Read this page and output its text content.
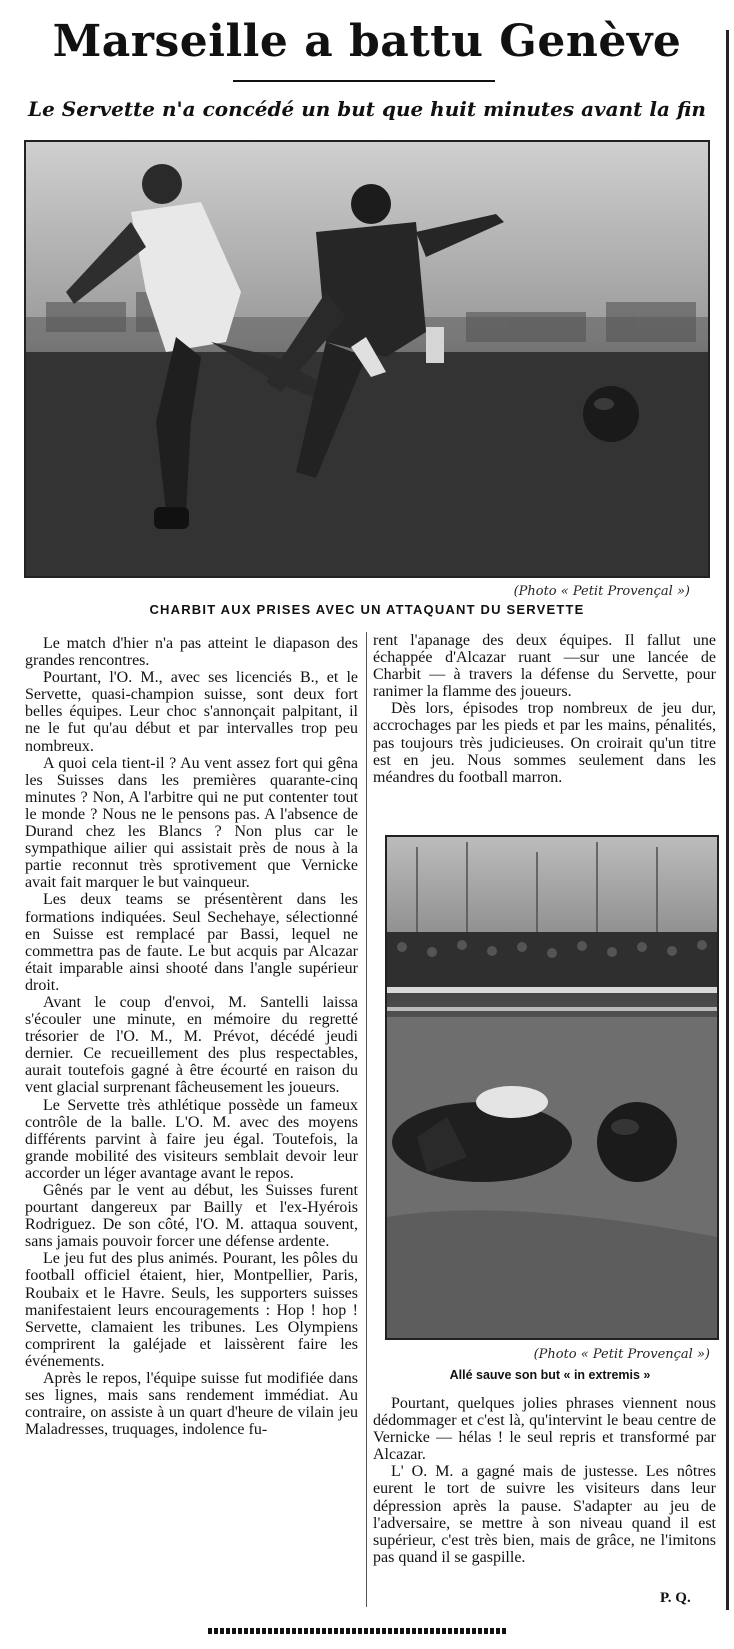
Marseille a battu Genève
Le Servette n'a concédé un but que huit minutes avant la fin
(Photo « Petit Provençal »)
CHARBIT AUX PRISES AVEC UN ATTAQUANT DU SERVETTE

Le match d'hier n'a pas atteint le diapason des grandes rencontres.

Pourtant, l'O. M., avec ses licenciés B., et le Servette, quasi-champion suisse, sont deux fort belles équipes. Leur choc s'annonçait palpitant, il ne le fut qu'au début et par intervalles trop peu nombreux.

A quoi cela tient-il ? Au vent assez fort qui gêna les Suisses dans les premières quarante-cinq minutes ? Non, A l'arbitre qui ne put contenter tout le monde ? Nous ne le pensons pas. A l'absence de Durand chez les Blancs ? Non plus car le sympathique ailier qui assistait près de nous à la partie reconnut très sprotivement que Vernicke avait fait marquer le but vainqueur.

Les deux teams se présentèrent dans les formations indiquées. Seul Sechehaye, sélectionné en Suisse est remplacé par Bassi, lequel ne commettra pas de faute. Le but acquis par Alcazar était imparable ainsi shooté dans l'angle supérieur droit.

Avant le coup d'envoi, M. Santelli laissa s'écouler une minute, en mémoire du regretté trésorier de l'O. M., M. Prévot, décédé jeudi dernier. Ce recueillement des plus respectables, aurait toutefois gagné à être écourté en raison du vent glacial surprenant fâcheusement les joueurs.

Le Servette très athlétique possède un fameux contrôle de la balle. L'O. M. avec des moyens différents parvint à faire jeu égal. Toutefois, la grande mobilité des visiteurs semblait devoir leur accorder un léger avantage avant le repos.

Gênés par le vent au début, les Suisses furent pourtant dangereux par Bailly et l'ex-Hyérois Rodriguez. De son côté, l'O. M. attaqua souvent, sans jamais pouvoir forcer une défense ardente.

Le jeu fut des plus animés. Pourant, les pôles du football officiel étaient, hier, Montpellier, Paris, Roubaix et le Havre. Seuls, les supporters suisses manifestaient leurs encouragements : Hop ! hop ! Servette, clamaient les tribunes. Les Olympiens comprirent la galéjade et laissèrent faire les événements.

Après le repos, l'équipe suisse fut modifiée dans ses lignes, mais sans rendement immédiat. Au contraire, on assiste à un quart d'heure de vilain jeu Maladresses, truquages, indolence fu-

rent l'apanage des deux équipes. Il fallut une échappée d'Alcazar ruant —sur une lancée de Charbit — à travers la défense du Servette, pour ranimer la flamme des joueurs.

Dès lors, épisodes trop nombreux de jeu dur, accrochages par les pieds et par les mains, pénalités, pas toujours très judicieuses. On croirait qu'un titre est en jeu. Nous sommes seulement dans les méandres du football marron.

(Photo « Petit Provençal »)
Allé sauve son but « in extremis »

Pourtant, quelques jolies phrases viennent nous dédommager et c'est là, qu'intervint le beau centre de Vernicke — hélas ! le seul repris et transformé par Alcazar.

L' O. M. a gagné mais de justesse. Les nôtres eurent le tort de suivre les visiteurs dans leur dépression après la pause. S'adapter au jeu de l'adversaire, se mettre à son niveau quand il est supérieur, c'est très bien, mais de grâce, ne l'imitons pas quand il se gaspille.

P. Q.
